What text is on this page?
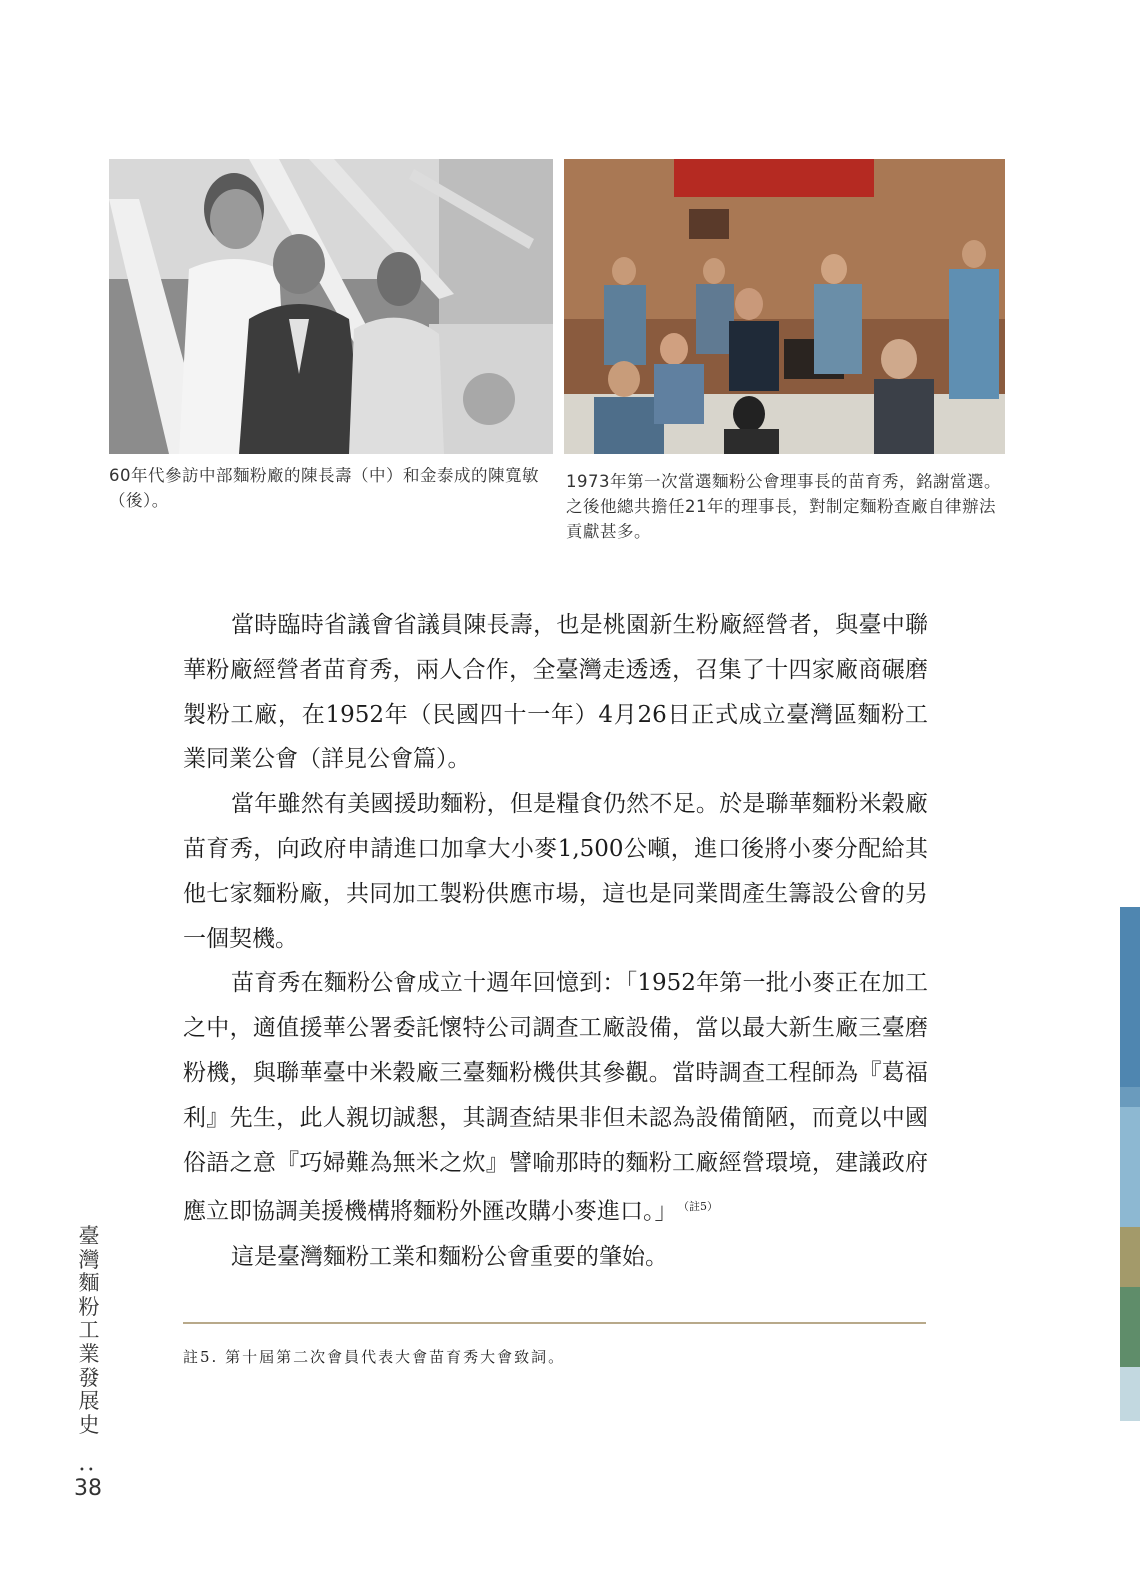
60年代參訪中部麵粉廠的陳長壽（中）和金泰成的陳寬敏（後）。
1973年第一次當選麵粉公會理事長的苗育秀，銘謝當選。之後他總共擔任21年的理事長，對制定麵粉查廠自律辦法貢獻甚多。

當時臨時省議會省議員陳長壽，也是桃園新生粉廠經營者，與臺中聯華粉廠經營者苗育秀，兩人合作，全臺灣走透透，召集了十四家廠商碾磨製粉工廠，在1952年（民國四十一年）4月26日正式成立臺灣區麵粉工業同業公會（詳見公會篇）。

當年雖然有美國援助麵粉，但是糧食仍然不足。於是聯華麵粉米穀廠苗育秀，向政府申請進口加拿大小麥1,500公噸，進口後將小麥分配給其他七家麵粉廠，共同加工製粉供應市場，這也是同業間產生籌設公會的另一個契機。

苗育秀在麵粉公會成立十週年回憶到：「1952年第一批小麥正在加工之中，適值援華公署委託懷特公司調查工廠設備，當以最大新生廠三臺磨粉機，與聯華臺中米穀廠三臺麵粉機供其參觀。當時調查工程師為『葛福利』先生，此人親切誠懇，其調查結果非但未認為設備簡陋，而竟以中國俗語之意『巧婦難為無米之炊』譬喻那時的麵粉工廠經營環境，建議政府應立即協調美援機構將麵粉外匯改購小麥進口。」 $^{(註5)}$

這是臺灣麵粉工業和麵粉公會重要的肇始。

註5. 第十屆第二次會員代表大會苗育秀大會致詞。
臺
灣
麵
粉
工
業
發
展
史
••
38
